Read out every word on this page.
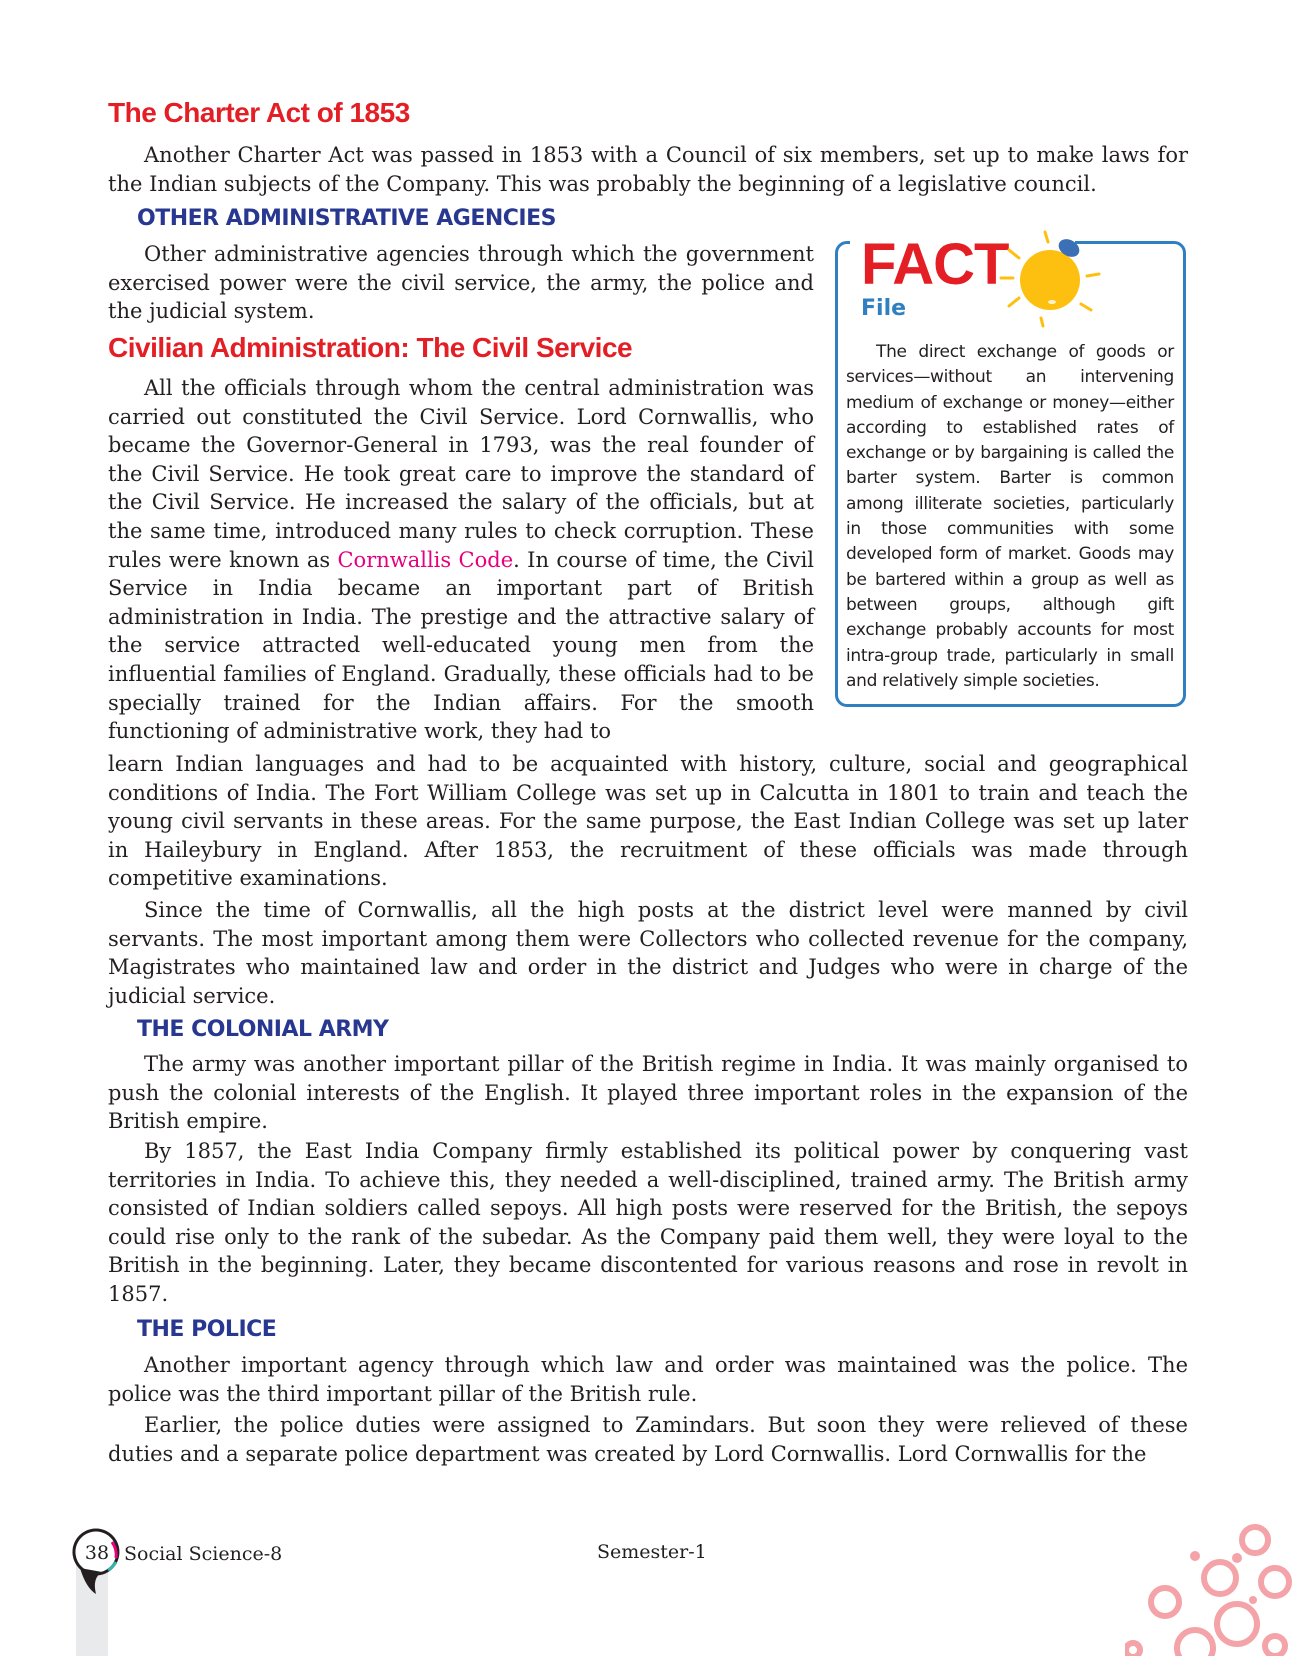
The Charter Act of 1853

Another Charter Act was passed in 1853 with a Council of six members, set up to make laws for the Indian subjects of the Company. This was probably the beginning of a legislative council.

OTHER ADMINISTRATIVE AGENCIES

Other administrative agencies through which the government exercised power were the civil service, the army, the police and the judicial system.

Civilian Administration: The Civil Service

All the officials through whom the central administration was carried out constituted the Civil Service. Lord Cornwallis, who became the Governor-General in 1793, was the real founder of the Civil Service. He took great care to improve the standard of the Civil Service. He increased the salary of the officials, but at the same time, introduced many rules to check corruption. These rules were known as Cornwallis Code. In course of time, the Civil Service in India became an important part of British administration in India. The prestige and the attractive salary of the service attracted well-educated young men from the influential families of England. Gradually, these officials had to be specially trained for the Indian affairs. For the smooth functioning of administrative work, they had to

learn Indian languages and had to be acquainted with history, culture, social and geographical conditions of India. The Fort William College was set up in Calcutta in 1801 to train and teach the young civil servants in these areas. For the same purpose, the East Indian College was set up later in Haileybury in England. After 1853, the recruitment of these officials was made through competitive examinations.

Since the time of Cornwallis, all the high posts at the district level were manned by civil servants. The most important among them were Collectors who collected revenue for the company, Magistrates who maintained law and order in the district and Judges who were in charge of the judicial service.

THE COLONIAL ARMY

The army was another important pillar of the British regime in India. It was mainly organised to push the colonial interests of the English. It played three important roles in the expansion of the British empire.

By 1857, the East India Company firmly established its political power by conquering vast territories in India. To achieve this, they needed a well-disciplined, trained army. The British army consisted of Indian soldiers called sepoys. All high posts were reserved for the British, the sepoys could rise only to the rank of the subedar. As the Company paid them well, they were loyal to the British in the beginning. Later, they became discontented for various reasons and rose in revolt in 1857.

THE POLICE

Another important agency through which law and order was maintained was the police. The police was the third important pillar of the British rule.

Earlier, the police duties were assigned to Zamindars. But soon they were relieved of these duties and a separate police department was created by Lord Cornwallis. Lord Cornwallis for the

FACT
File

The direct exchange of goods or services—without an intervening medium of exchange or money—either according to established rates of exchange or by bargaining is called the barter system. Barter is common among illiterate societies, particularly in those communities with some developed form of market. Goods may be bartered within a group as well as between groups, although gift exchange probably accounts for most intra-group trade, particularly in small and relatively simple societies.

38 Social Science-8	Semester-1
